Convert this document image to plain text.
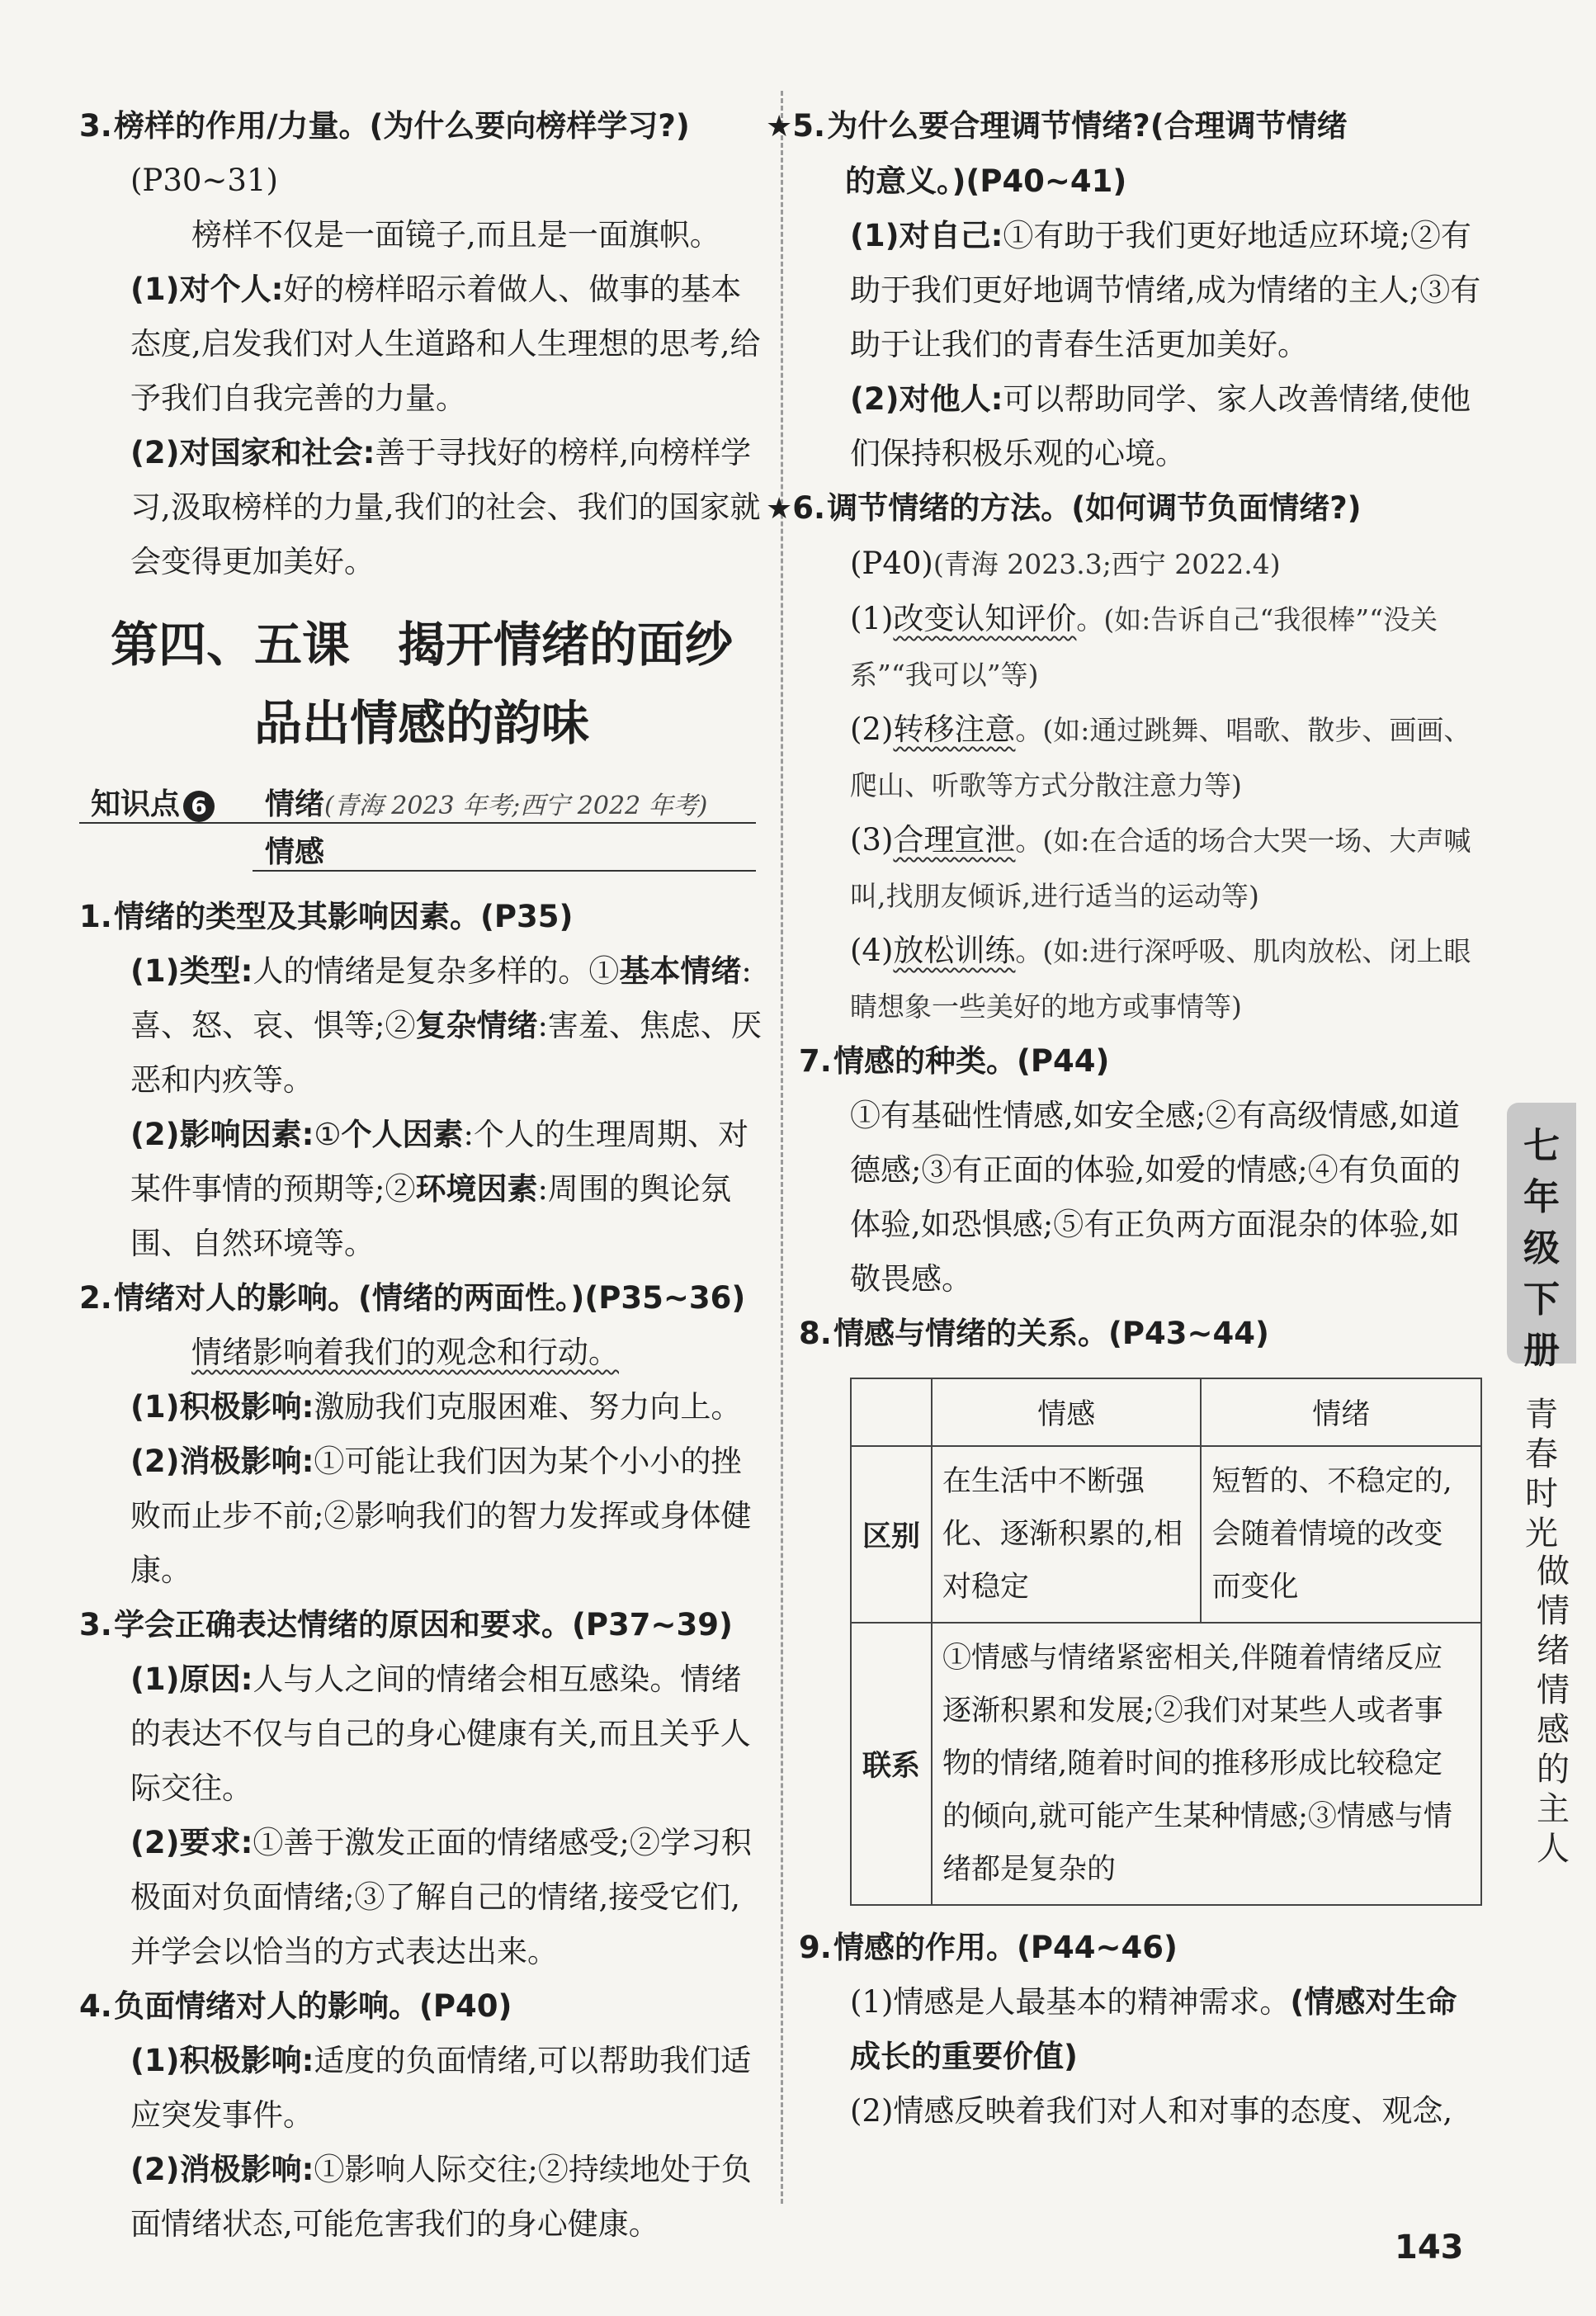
3.榜样的作用/力量。(为什么要向榜样学习?)

(P30~31)

榜样不仅是一面镜子,而且是一面旗帜。

(1)对个人:好的榜样昭示着做人、做事的基本态度,启发我们对人生道路和人生理想的思考,给予我们自我完善的力量。

(2)对国家和社会:善于寻找好的榜样,向榜样学习,汲取榜样的力量,我们的社会、我们的国家就会变得更加美好。

第四、五课　揭开情绪的面纱
品出情感的韵味
知识点 6 情绪(青海 2023 年考;西宁 2022 年考)
情感

1.情绪的类型及其影响因素。(P35)

(1)类型:人的情绪是复杂多样的。①基本情绪:喜、怒、哀、惧等;②复杂情绪:害羞、焦虑、厌恶和内疚等。

(2)影响因素:①个人因素:个人的生理周期、对某件事情的预期等;②环境因素:周围的舆论氛围、自然环境等。

2.情绪对人的影响。(情绪的两面性。)(P35~36)

情绪影响着我们的观念和行动。

(1)积极影响:激励我们克服困难、努力向上。

(2)消极影响:①可能让我们因为某个小小的挫败而止步不前;②影响我们的智力发挥或身体健康。

3.学会正确表达情绪的原因和要求。(P37~39)

(1)原因:人与人之间的情绪会相互感染。情绪的表达不仅与自己的身心健康有关,而且关乎人际交往。

(2)要求:①善于激发正面的情绪感受;②学习积极面对负面情绪;③了解自己的情绪,接受它们,并学会以恰当的方式表达出来。

4.负面情绪对人的影响。(P40)

(1)积极影响:适度的负面情绪,可以帮助我们适应突发事件。

(2)消极影响:①影响人际交往;②持续地处于负面情绪状态,可能危害我们的身心健康。

★5.为什么要合理调节情绪?(合理调节情绪

的意义。)(P40~41)

(1)对自己:①有助于我们更好地适应环境;②有助于我们更好地调节情绪,成为情绪的主人;③有助于让我们的青春生活更加美好。

(2)对他人:可以帮助同学、家人改善情绪,使他们保持积极乐观的心境。

★6.调节情绪的方法。(如何调节负面情绪?)

(P40)(青海 2023.3;西宁 2022.4)

(1)改变认知评价。(如:告诉自己“我很棒”“没关系”“我可以”等)

(2)转移注意。(如:通过跳舞、唱歌、散步、画画、爬山、听歌等方式分散注意力等)

(3)合理宣泄。(如:在合适的场合大哭一场、大声喊叫,找朋友倾诉,进行适当的运动等)

(4)放松训练。(如:进行深呼吸、肌肉放松、闭上眼睛想象一些美好的地方或事情等)

7.情感的种类。(P44)

①有基础性情感,如安全感;②有高级情感,如道德感;③有正面的体验,如爱的情感;④有负面的体验,如恐惧感;⑤有正负两方面混杂的体验,如敬畏感。

8.情感与情绪的关系。(P43~44)

	情感	情绪
区别	在生活中不断强化、逐渐积累的,相对稳定	短暂的、不稳定的,会随着情境的改变而变化
联系	①情感与情绪紧密相关,伴随着情绪反应逐渐积累和发展;②我们对某些人或者事物的情绪,随着时间的推移形成比较稳定的倾向,就可能产生某种情感;③情感与情绪都是复杂的	

9.情感的作用。(P44~46)

(1)情感是人最基本的精神需求。(情感对生命成长的重要价值)

(2)情感反映着我们对人和对事的态度、观念,

七
年
级
下
册
青
春
时
光
做
情
绪
情
感
的
主
人
143
